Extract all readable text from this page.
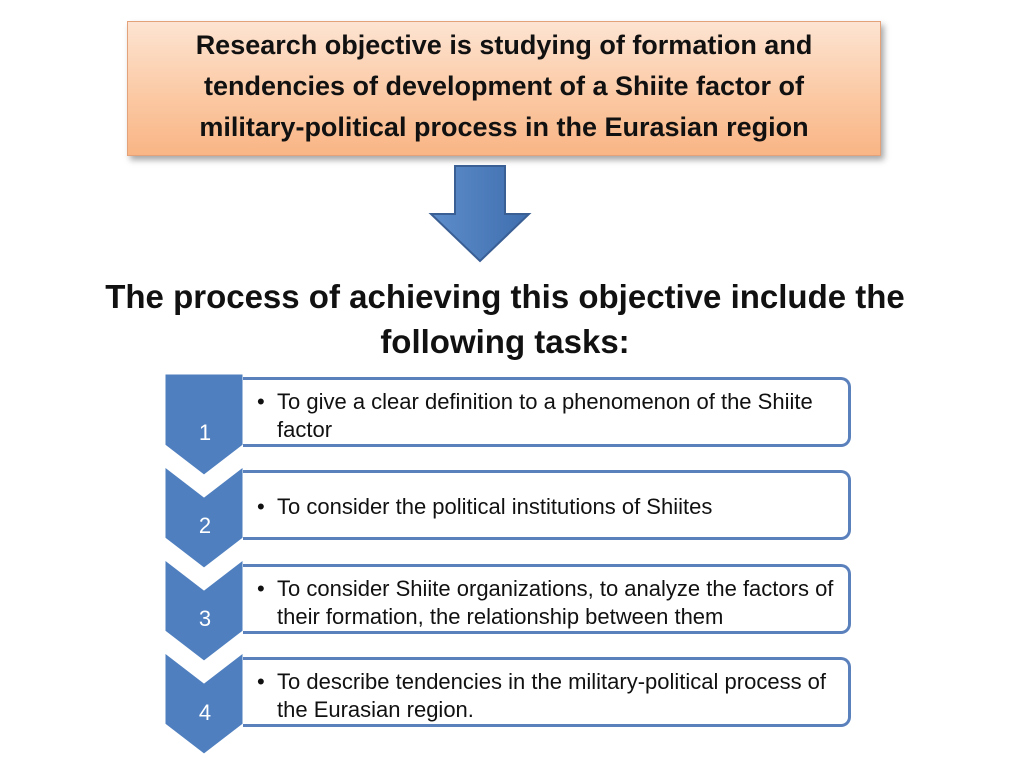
Research objective is studying of formation and tendencies of development of a Shiite factor of military-political process in the Eurasian region
The process of achieving this objective include the following tasks:
1
2
3
4
• To give a clear definition to a phenomenon of the Shiite factor
• To consider the political institutions of Shiites
• To consider Shiite organizations, to analyze the factors of their formation, the relationship between them
• To describe tendencies in the military-political process of the Eurasian region.
